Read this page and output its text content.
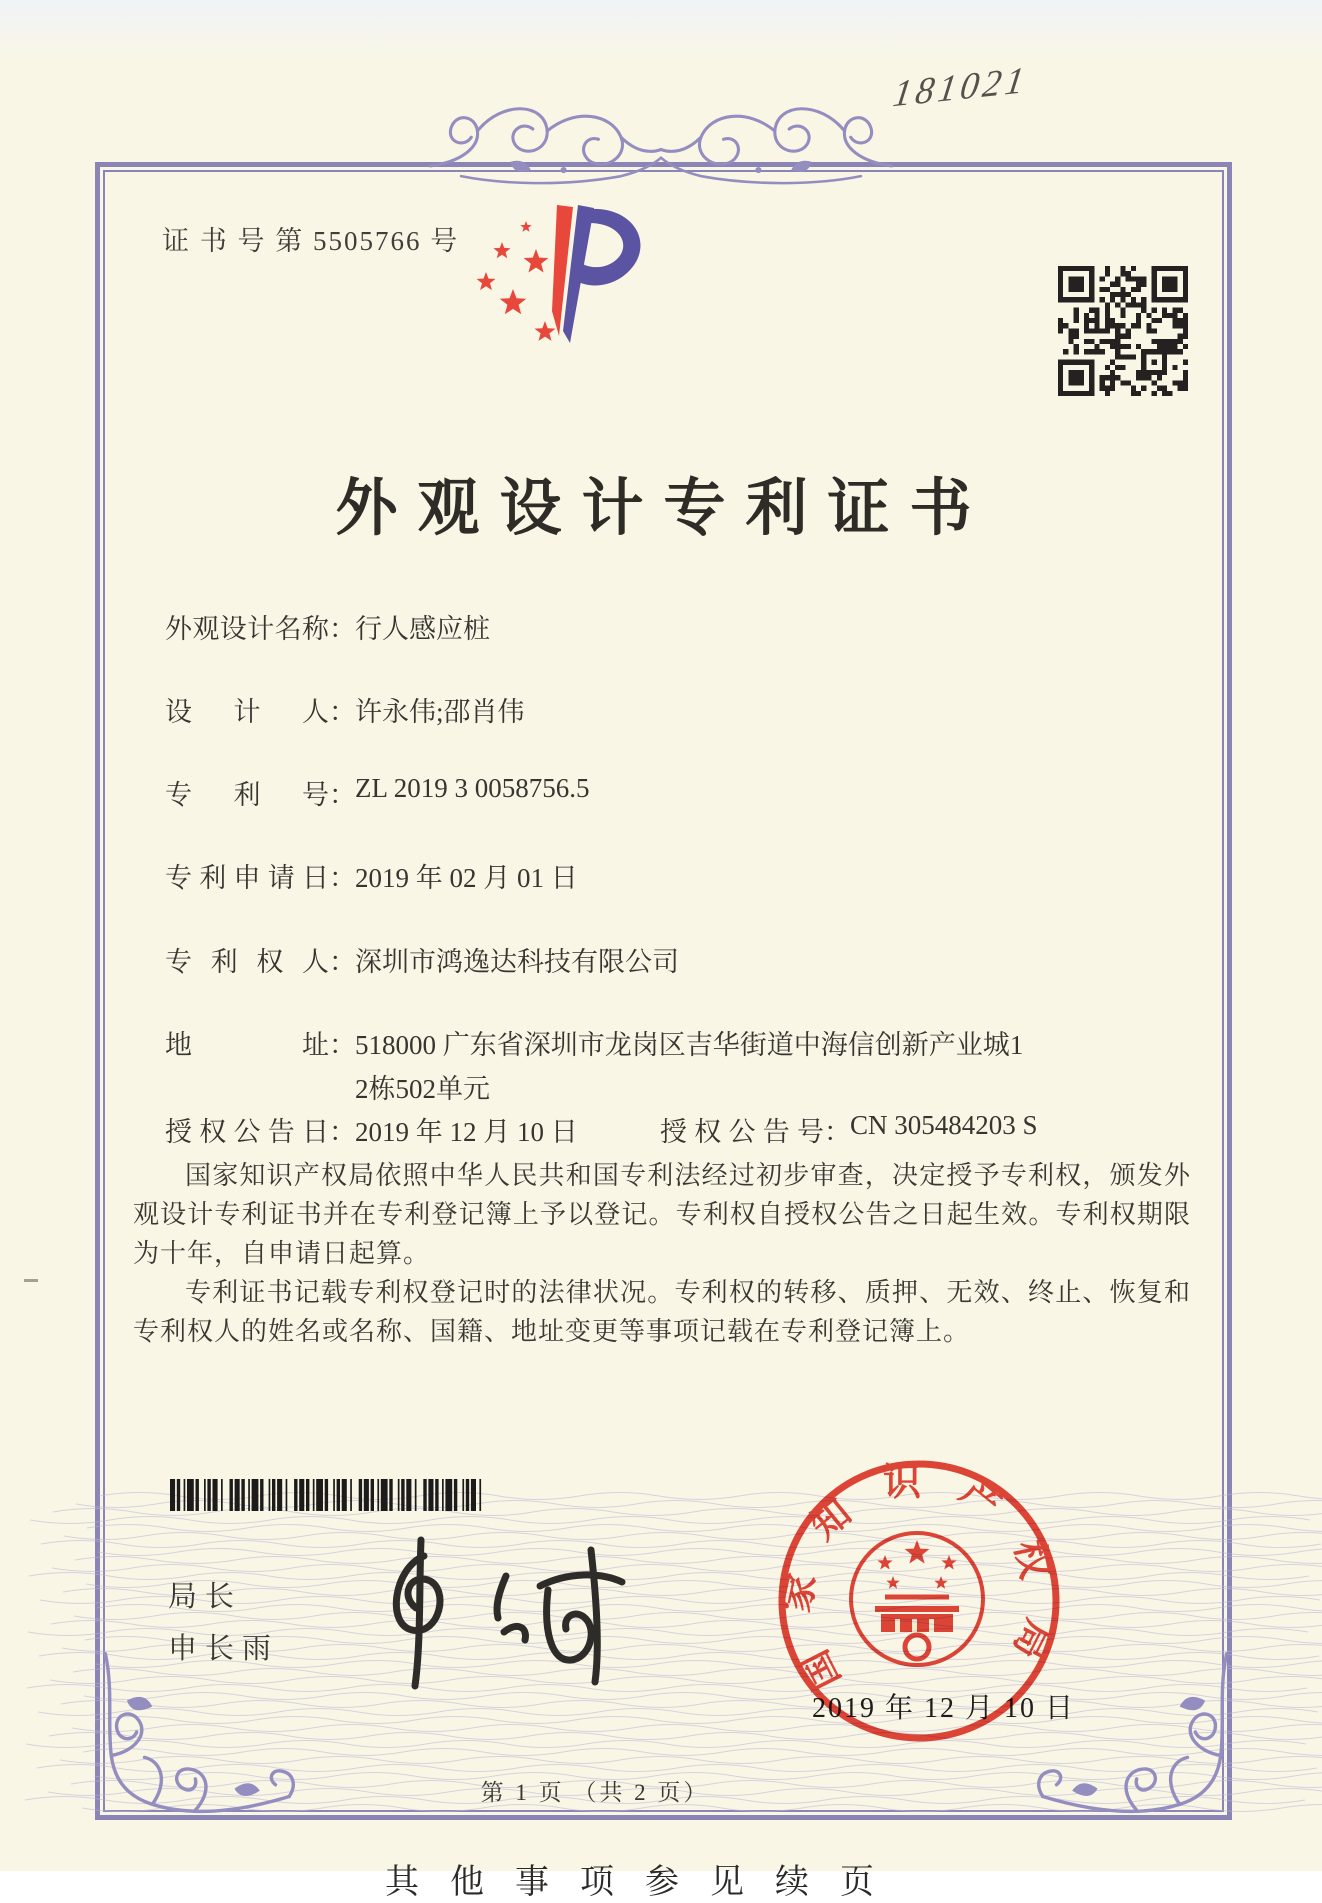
181021
证 书 号 第 5505766 号
外观设计专利证书
外观设计名称：行人感应桩
设计人：许永伟;邵肖伟
专利号：ZL 2019 3 0058756.5
专利申请日：2019 年 02 月 01 日
专利权人：深圳市鸿逸达科技有限公司
地址：518000 广东省深圳市龙岗区吉华街道中海信创新产业城1
2栋502单元
授权公告日：2019 年 12 月 10 日	授权公告号：CN 305484203 S

国家知识产权局依照中华人民共和国专利法经过初步审查，决定授予专利权，颁发外观设计专利证书并在专利登记簿上予以登记。专利权自授权公告之日起生效。专利权期限为十年，自申请日起算。

专利证书记载专利权登记时的法律状况。专利权的转移、质押、无效、终止、恢复和专利权人的姓名或名称、国籍、地址变更等事项记载在专利登记簿上。

局长
申长雨	国家知识产权局
2019 年 12 月 10 日
第 1 页 （共 2 页）
其他事项参见续页
